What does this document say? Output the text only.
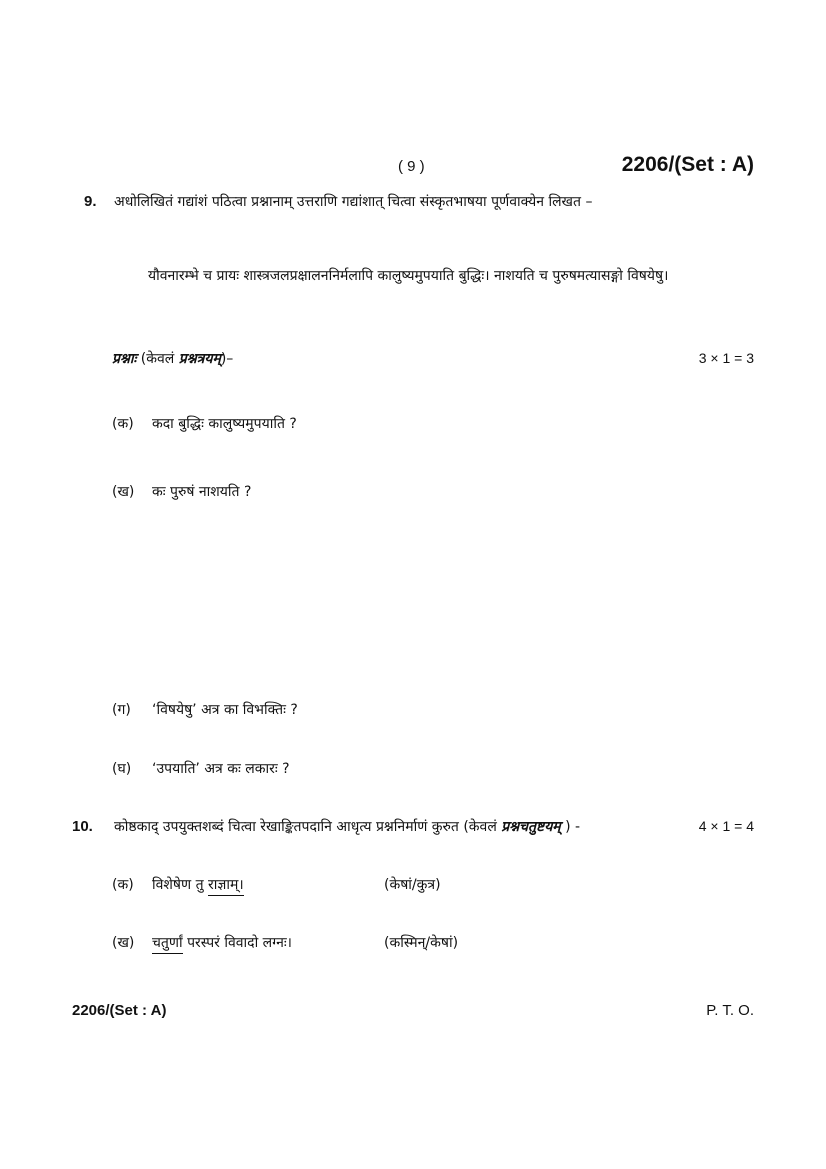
( 9 )	2206/(Set : A)
9. अधोलिखितं गद्यांशं पठित्वा प्रश्नानाम् उत्तराणि गद्यांशात् चित्वा संस्कृतभाषया पूर्णवाक्येन लिखत –
यौवनारम्भे च प्रायः शास्त्रजलप्रक्षालननिर्मलापि कालुष्यमुपयाति बुद्धिः। नाशयति च पुरुषमत्यासङ्गो विषयेषु।
प्रश्नाः (केवलं प्रश्नत्रयम्)–	3 × 1 = 3
(क) कदा बुद्धिः कालुष्यमुपयाति ?
(ख) कः पुरुषं नाशयति ?
(ग) ‘विषयेषु’ अत्र का विभक्तिः ?
(घ) ‘उपयाति’ अत्र कः लकारः ?
10. कोष्ठकाद् उपयुक्तशब्दं चित्वा रेखाङ्कितपदानि आधृत्य प्रश्ननिर्माणं कुरुत (केवलं प्रश्नचतुष्टयम् ) -	4 × 1 = 4
(क) विशेषेण तु राज्ञाम्।	(केषां/कुत्र)
(ख) चतुर्णां परस्परं विवादो लग्नः।	(कस्मिन्/केषां)
2206/(Set : A)	P. T. O.
